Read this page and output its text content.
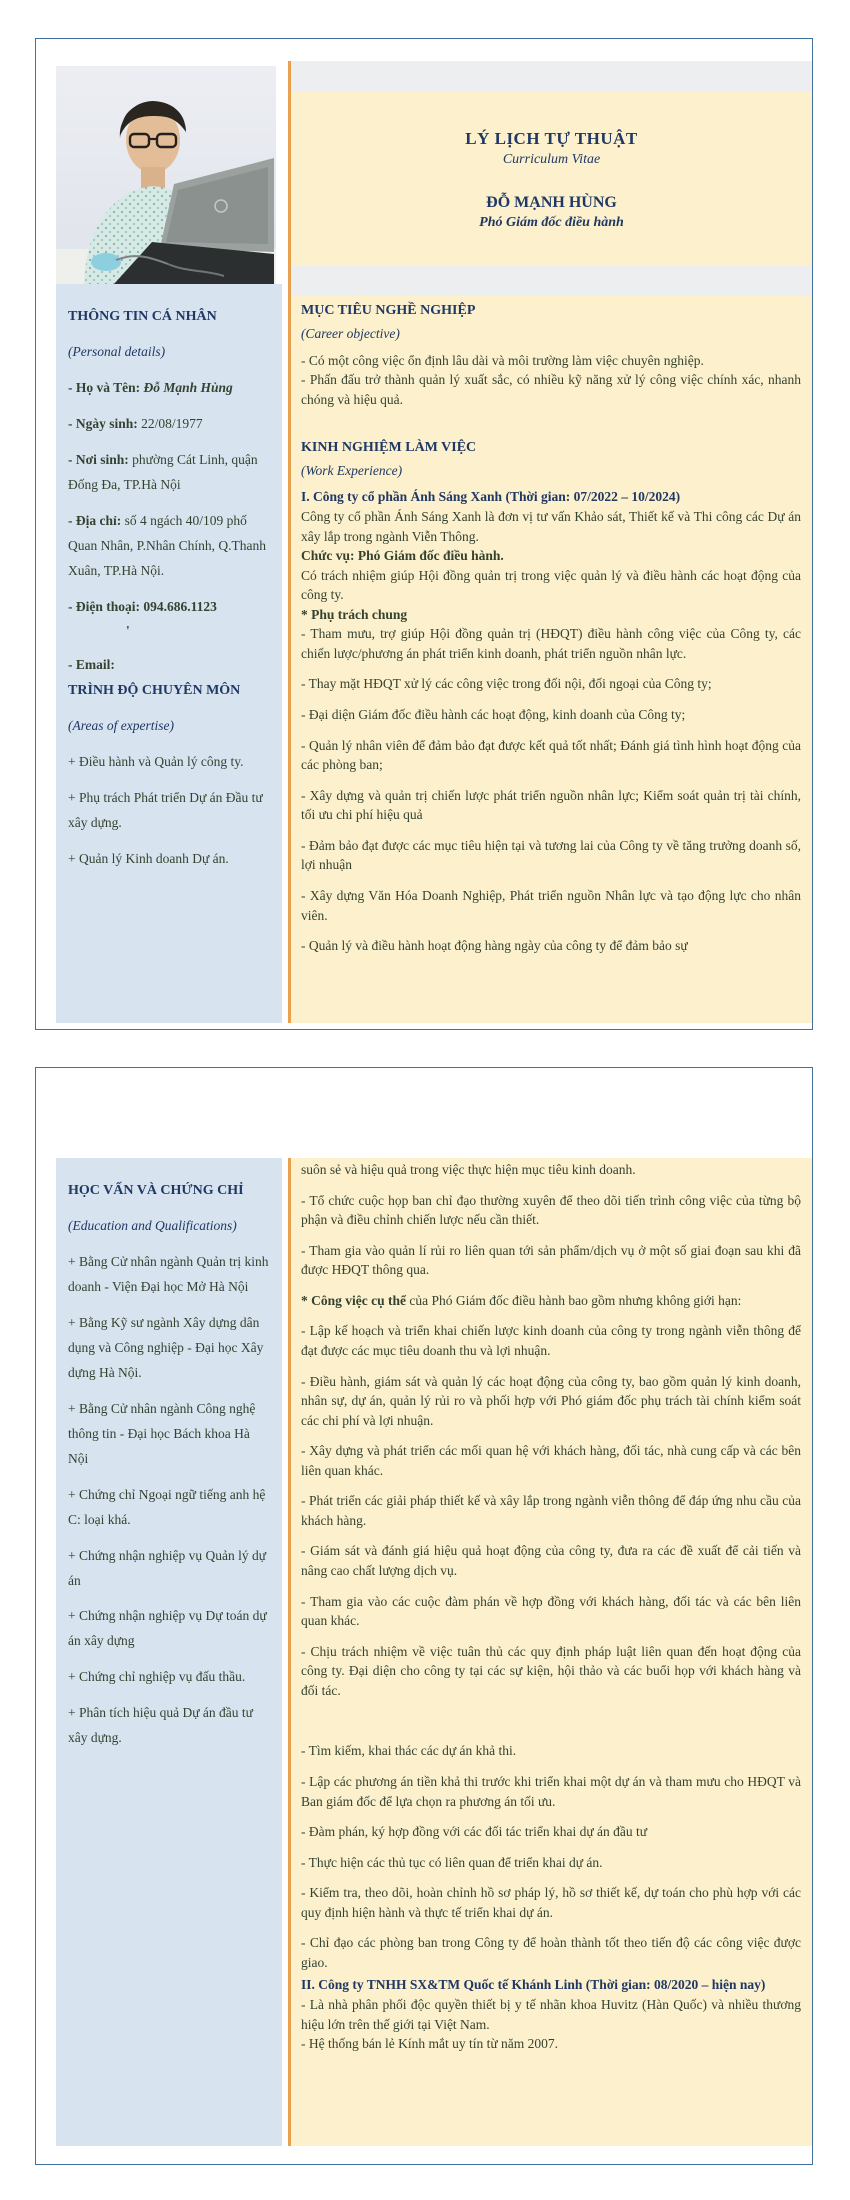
THÔNG TIN CÁ NHÂN
(Personal details)

- Họ và Tên: Đỗ Mạnh Hùng

- Ngày sinh: 22/08/1977

- Nơi sinh: phường Cát Linh, quận Đống Đa, TP.Hà Nội

- Địa chỉ: số 4 ngách 40/109 phố Quan Nhân, P.Nhân Chính, Q.Thanh Xuân, TP.Hà Nội.

- Điện thoại: 094.686.1123

'

- Email:

TRÌNH ĐỘ CHUYÊN MÔN
(Areas of expertise)

+ Điều hành và Quản lý công ty.

+ Phụ trách Phát triển Dự án Đầu tư xây dựng.

+ Quản lý Kinh doanh Dự án.

LÝ LỊCH TỰ THUẬT
Curriculum Vitae
ĐỖ MẠNH HÙNG
Phó Giám đốc điều hành
MỤC TIÊU NGHỀ NGHIỆP
(Career objective)

- Có một công việc ổn định lâu dài và môi trường làm việc chuyên nghiệp.

- Phấn đấu trở thành quản lý xuất sắc, có nhiều kỹ năng xử lý công việc chính xác, nhanh chóng và hiệu quả.

KINH NGHIỆM LÀM VIỆC
(Work Experience)

I. Công ty cổ phần Ánh Sáng Xanh (Thời gian: 07/2022 – 10/2024)

Công ty cổ phần Ánh Sáng Xanh là đơn vị tư vấn Khảo sát, Thiết kế và Thi công các Dự án xây lắp trong ngành Viễn Thông.

Chức vụ: Phó Giám đốc điều hành.

Có trách nhiệm giúp Hội đồng quản trị trong việc quản lý và điều hành các hoạt động của công ty.

* Phụ trách chung

- Tham mưu, trợ giúp Hội đồng quản trị (HĐQT) điều hành công việc của Công ty, các chiến lược/phương án phát triển kinh doanh, phát triển nguồn nhân lực.

- Thay mặt HĐQT xử lý các công việc trong đối nội, đối ngoại của Công ty;

- Đại diện Giám đốc điều hành các hoạt động, kinh doanh của Công ty;

- Quản lý nhân viên để đảm bảo đạt được kết quả tốt nhất; Đánh giá tình hình hoạt động của các phòng ban;

- Xây dựng và quản trị chiến lược phát triển nguồn nhân lực; Kiểm soát quản trị tài chính, tối ưu chi phí hiệu quả

- Đảm bảo đạt được các mục tiêu hiện tại và tương lai của Công ty về tăng trưởng doanh số, lợi nhuận

- Xây dựng Văn Hóa Doanh Nghiệp, Phát triển nguồn Nhân lực và tạo động lực cho nhân viên.

- Quản lý và điều hành hoạt động hàng ngày của công ty để đảm bảo sự

HỌC VẤN VÀ CHỨNG CHỈ
(Education and Qualifications)

+ Bằng Cử nhân ngành Quản trị kinh doanh - Viện Đại học Mở Hà Nội

+ Bằng Kỹ sư ngành Xây dựng dân dụng và Công nghiệp - Đại học Xây dựng Hà Nội.

+ Bằng Cử nhân ngành Công nghệ thông tin - Đại học Bách khoa Hà Nội

+ Chứng chỉ Ngoại ngữ tiếng anh hệ C: loại khá.

+ Chứng nhận nghiệp vụ Quản lý dự án

+ Chứng nhận nghiệp vụ Dự toán dự án xây dựng

+ Chứng chỉ nghiệp vụ đấu thầu.

+ Phân tích hiệu quả Dự án đầu tư xây dựng.

suôn sẻ và hiệu quả trong việc thực hiện mục tiêu kinh doanh.

- Tổ chức cuộc họp ban chỉ đạo thường xuyên để theo dõi tiến trình công việc của từng bộ phận và điều chỉnh chiến lược nếu cần thiết.

- Tham gia vào quản lí rủi ro liên quan tới sản phẩm/dịch vụ ở một số giai đoạn sau khi đã được HĐQT thông qua.

* Công việc cụ thể của Phó Giám đốc điều hành bao gồm nhưng không giới hạn:

- Lập kế hoạch và triển khai chiến lược kinh doanh của công ty trong ngành viễn thông để đạt được các mục tiêu doanh thu và lợi nhuận.

- Điều hành, giám sát và quản lý các hoạt động của công ty, bao gồm quản lý kinh doanh, nhân sự, dự án, quản lý rủi ro và phối hợp với Phó giám đốc phụ trách tài chính kiểm soát các chi phí và lợi nhuận.

- Xây dựng và phát triển các mối quan hệ với khách hàng, đối tác, nhà cung cấp và các bên liên quan khác.

- Phát triển các giải pháp thiết kế và xây lắp trong ngành viễn thông để đáp ứng nhu cầu của khách hàng.

- Giám sát và đánh giá hiệu quả hoạt động của công ty, đưa ra các đề xuất để cải tiến và nâng cao chất lượng dịch vụ.

- Tham gia vào các cuộc đàm phán về hợp đồng với khách hàng, đối tác và các bên liên quan khác.

- Chịu trách nhiệm về việc tuân thủ các quy định pháp luật liên quan đến hoạt động của công ty. Đại diện cho công ty tại các sự kiện, hội thảo và các buổi họp với khách hàng và đối tác.

- Tìm kiếm, khai thác các dự án khả thi.

- Lập các phương án tiền khả thi trước khi triển khai một dự án và tham mưu cho HĐQT và Ban giám đốc để lựa chọn ra phương án tối ưu.

- Đàm phán, ký hợp đồng với các đối tác triển khai dự án đầu tư

- Thực hiện các thủ tục có liên quan để triển khai dự án.

- Kiểm tra, theo dõi, hoàn chỉnh hồ sơ pháp lý, hồ sơ thiết kế, dự toán cho phù hợp với các quy định hiện hành và thực tế triển khai dự án.

- Chỉ đạo các phòng ban trong Công ty để hoàn thành tốt theo tiến độ các công việc được giao.

II. Công ty TNHH SX&TM Quốc tế Khánh Linh (Thời gian: 08/2020 – hiện nay)

- Là nhà phân phối độc quyền thiết bị y tế nhãn khoa Huvitz (Hàn Quốc) và nhiều thương hiệu lớn trên thế giới tại Việt Nam.

- Hệ thống bán lẻ Kính mắt uy tín từ năm 2007.
